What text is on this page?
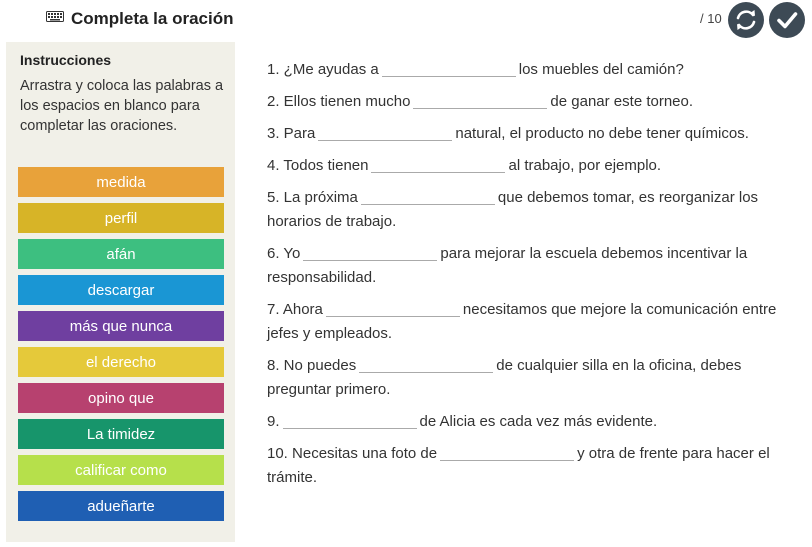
Completa la oración	/ 10
Instrucciones
Arrastra y coloca las palabras a los espacios en blanco para completar las oraciones.
medida
perfil
afán
descargar
más que nunca
el derecho
opino que
La timidez
calificar como
adueñarte
1. ¿Me ayudas a	los muebles del camión?
2. Ellos tienen mucho	de ganar este torneo.
3. Para	natural, el producto no debe tener químicos.
4. Todos tienen	al trabajo, por ejemplo.
5. La próxima	que debemos tomar, es reorganizar los horarios de trabajo.
6. Yo	para mejorar la escuela debemos incentivar la responsabilidad.
7. Ahora	necesitamos que mejore la comunicación entre jefes y empleados.
8. No puedes	de cualquier silla en la oficina, debes preguntar primero.
9.	de Alicia es cada vez más evidente.
10. Necesitas una foto de	y otra de frente para hacer el trámite.
